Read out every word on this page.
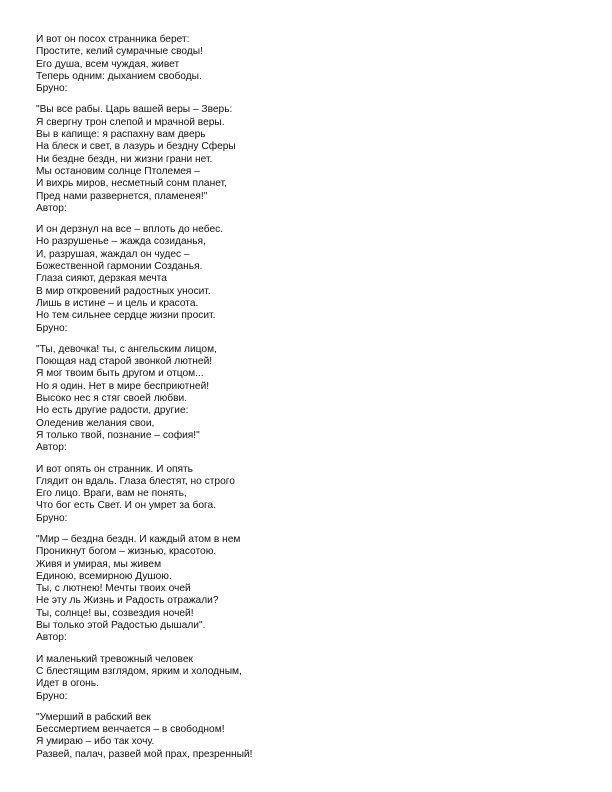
И вот он посох странника берет:
Простите, келий сумрачные своды!
Его душа, всем чуждая, живет
Теперь одним: дыханием свободы.
Бруно:
"Вы все рабы. Царь вашей веры – Зверь:
Я свергну трон слепой и мрачной веры.
Вы в капище: я распахну вам дверь
На блеск и свет, в лазурь и бездну Сферы
Ни бездне бездн, ни жизни грани нет.
Мы остановим солнце Птолемея –
И вихрь миров, несметный сонм планет,
Пред нами развернется, пламенея!"
Автор:
И он дерзнул на все – вплоть до небес.
Но разрушенье – жажда созиданья,
И, разрушая, жаждал он чудес –
Божественной гармонии Созданья.
Глаза сияют, дерзкая мечта
В мир откровений радостных уносит.
Лишь в истине – и цель и красота.
Но тем сильнее сердце жизни просит.
Бруно:
"Ты, девочка! ты, с ангельским лицом,
Поющая над старой звонкой лютней!
Я мог твоим быть другом и отцом...
Но я один. Нет в мире бесприютней!
Высоко нес я стяг своей любви.
Но есть другие радости, другие:
Оледенив желания свои,
Я только твой, познание – софия!"
Автор:
И вот опять он странник. И опять
Глядит он вдаль. Глаза блестят, но строго
Его лицо. Враги, вам не понять,
Что бог есть Свет. И он умрет за бога.
Бруно:
"Мир – бездна бездн. И каждый атом в нем
Проникнут богом – жизнью, красотою.
Живя и умирая, мы живем
Единою, всемирною Душою.
Ты, с лютнею! Мечты твоих очей
Не эту ль Жизнь и Радость отражали?
Ты, солнце! вы, созвездия ночей!
Вы только этой Радостью дышали".
Автор:
И маленький тревожный человек
С блестящим взглядом, ярким и холодным,
Идет в огонь.
Бруно:
"Умерший в рабский век
Бессмертием венчается – в свободном!
Я умираю – ибо так хочу.
Развей, палач, развей мой прах, презренный!
